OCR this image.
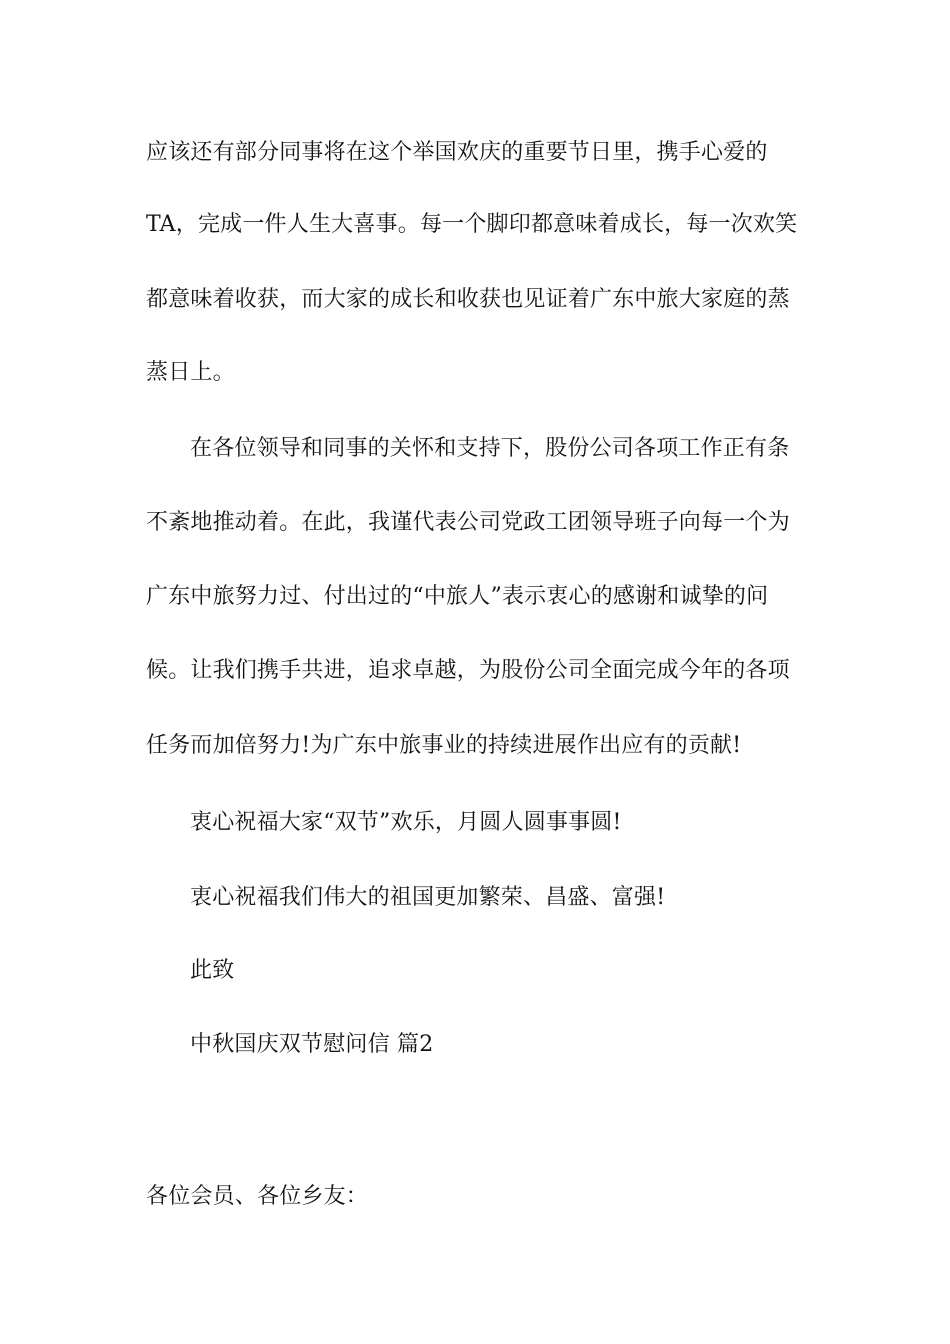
应该还有部分同事将在这个举国欢庆的重要节日里，携手心爱的
TA，完成一件人生大喜事。每一个脚印都意味着成长，每一次欢笑
都意味着收获，而大家的成长和收获也见证着广东中旅大家庭的蒸
蒸日上。
在各位领导和同事的关怀和支持下，股份公司各项工作正有条
不紊地推动着。在此，我谨代表公司党政工团领导班子向每一个为
广东中旅努力过、付出过的“中旅人”表示衷心的感谢和诚挚的问
候。让我们携手共进，追求卓越，为股份公司全面完成今年的各项
任务而加倍努力!为广东中旅事业的持续进展作出应有的贡献!
衷心祝福大家“双节”欢乐，月圆人圆事事圆!
衷心祝福我们伟大的祖国更加繁荣、昌盛、富强!
此致
中秋国庆双节慰问信 篇2
各位会员、各位乡友：
